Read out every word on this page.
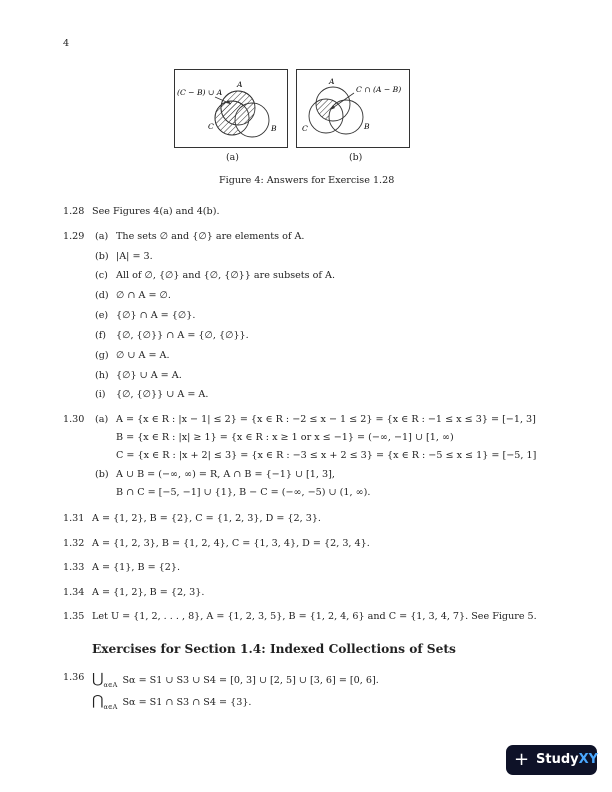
4
(C − B) ∪ A
A
C	B
C ∩ (A − B)
A
C	B
(a)	(b)
Figure 4: Answers for Exercise 1.28
1.28 See Figures 4(a) and 4(b).
1.29 (a) The sets ∅ and {∅} are elements of A.
(b) |A| = 3.
(c) All of ∅, {∅} and {∅, {∅}} are subsets of A.
(d) ∅ ∩ A = ∅.
(e) {∅} ∩ A = {∅}.
(f) {∅, {∅}} ∩ A = {∅, {∅}}.
(g) ∅ ∪ A = A.
(h) {∅} ∪ A = A.
(i) {∅, {∅}} ∪ A = A.
1.30 (a) A = {x ∈ R : |x − 1| ≤ 2} = {x ∈ R : −2 ≤ x − 1 ≤ 2} = {x ∈ R : −1 ≤ x ≤ 3} = [−1, 3]
B = {x ∈ R : |x| ≥ 1} = {x ∈ R : x ≥ 1 or x ≤ −1} = (−∞, −1] ∪ [1, ∞)
C = {x ∈ R : |x + 2| ≤ 3} = {x ∈ R : −3 ≤ x + 2 ≤ 3} = {x ∈ R : −5 ≤ x ≤ 1} = [−5, 1]
(b) A ∪ B = (−∞, ∞) = R, A ∩ B = {−1} ∪ [1, 3],
B ∩ C = [−5, −1] ∪ {1}, B − C = (−∞, −5) ∪ (1, ∞).
1.31 A = {1, 2}, B = {2}, C = {1, 2, 3}, D = {2, 3}.
1.32 A = {1, 2, 3}, B = {1, 2, 4}, C = {1, 3, 4}, D = {2, 3, 4}.
1.33 A = {1}, B = {2}.
1.34 A = {1, 2}, B = {2, 3}.
1.35 Let U = {1, 2, . . . , 8}, A = {1, 2, 3, 5}, B = {1, 2, 4, 6} and C = {1, 3, 4, 7}. See Figure 5.
Exercises for Section 1.4: Indexed Collections of Sets
1.36 $⋃_{\alpha\in A}$ Sα = S1 ∪ S3 ∪ S4 = [0, 3] ∪ [2, 5] ∪ [3, 6] = [0, 6].
$⋂_{\alpha\in A}$ Sα = S1 ∩ S3 ∩ S4 = {3}.
+ StudyXY
